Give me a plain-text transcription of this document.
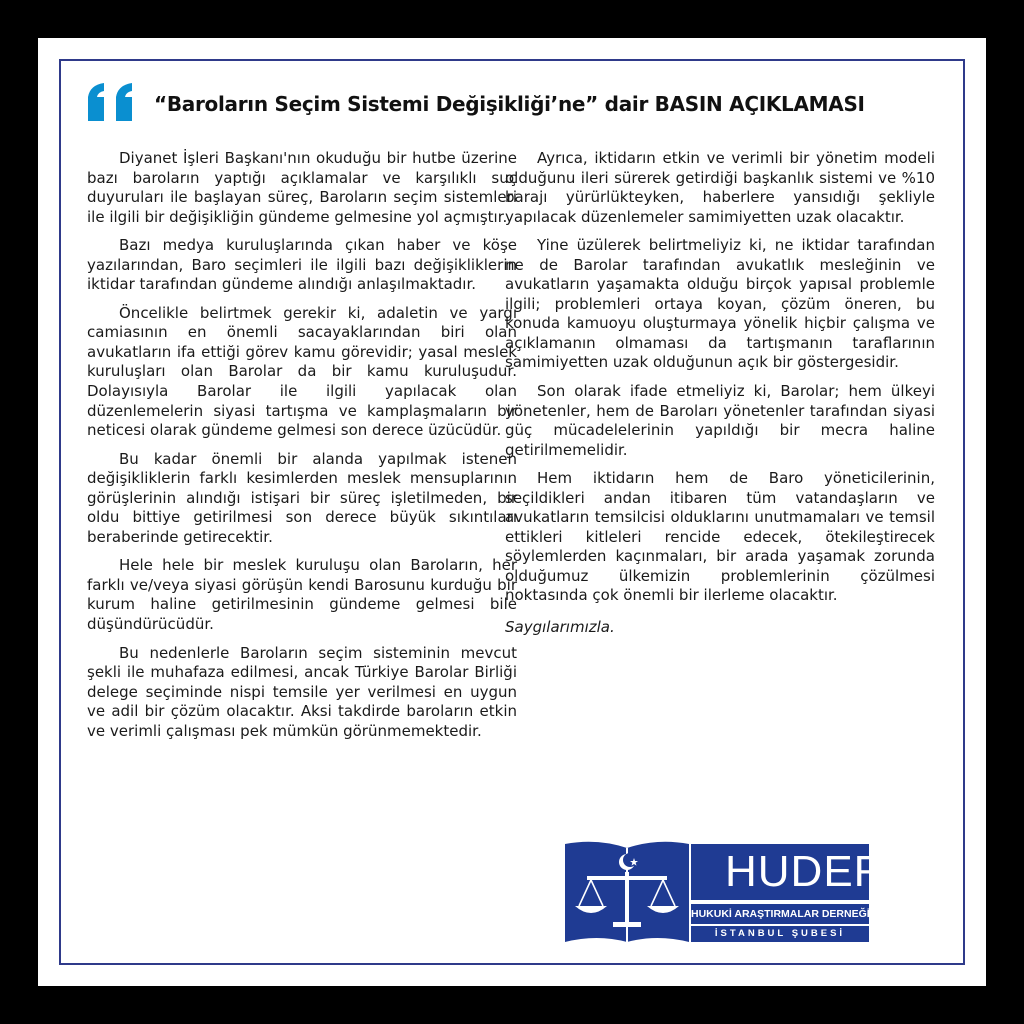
“Baroların Seçim Sistemi Değişikliği’ne” dair BASIN AÇIKLAMASI

Diyanet İşleri Başkanı'nın okuduğu bir hutbe üzerine bazı baroların yaptığı açıklamalar ve karşılıklı suç duyuruları ile başlayan süreç, Baroların seçim sistemleri ile ilgili bir değişikliğin gündeme gelmesine yol açmıştır.

Bazı medya kuruluşlarında çıkan haber ve köşe yazılarından, Baro seçimleri ile ilgili bazı değişikliklerin iktidar tarafından gündeme alındığı anlaşılmaktadır.

Öncelikle belirtmek gerekir ki, adaletin ve yargı camiasının en önemli sacayaklarından biri olan avukatların ifa ettiği görev kamu görevidir; yasal meslek kuruluşları olan Barolar da bir kamu kuruluşudur. Dolayısıyla Barolar ile ilgili yapılacak olan düzenlemelerin siyasi tartışma ve kamplaşmaların bir neticesi olarak gündeme gelmesi son derece üzücüdür.

Bu kadar önemli bir alanda yapılmak istenen değişikliklerin farklı kesimlerden meslek mensuplarının görüşlerinin alındığı istişari bir süreç işletilmeden, bir oldu bittiye getirilmesi son derece büyük sıkıntıları beraberinde getirecektir.

Hele hele bir meslek kuruluşu olan Baroların, her farklı ve/veya siyasi görüşün kendi Barosunu kurduğu bir kurum haline getirilmesinin gündeme gelmesi bile düşündürücüdür.

Bu nedenlerle Baroların seçim sisteminin mevcut şekli ile muhafaza edilmesi, ancak Türkiye Barolar Birliği delege seçiminde nispi temsile yer verilmesi en uygun ve adil bir çözüm olacaktır. Aksi takdirde baroların etkin ve verimli çalışması pek mümkün görünmemektedir.

Ayrıca, iktidarın etkin ve verimli bir yönetim modeli olduğunu ileri sürerek getirdiği başkanlık sistemi ve %10 barajı yürürlükteyken, haberlere yansıdığı şekliyle yapılacak düzenlemeler samimiyetten uzak olacaktır.

Yine üzülerek belirtmeliyiz ki, ne iktidar tarafından ne de Barolar tarafından avukatlık mesleğinin ve avukatların yaşamakta olduğu birçok yapısal problemle ilgili; problemleri ortaya koyan, çözüm öneren, bu konuda kamuoyu oluşturmaya yönelik hiçbir çalışma ve açıklamanın olmaması da tartışmanın taraflarının samimiyetten uzak olduğunun açık bir göstergesidir.

Son olarak ifade etmeliyiz ki, Barolar; hem ülkeyi yönetenler, hem de Baroları yönetenler tarafından siyasi güç mücadelelerinin yapıldığı bir mecra haline getirilmemelidir.

Hem iktidarın hem de Baro yöneticilerinin, seçildikleri andan itibaren tüm vatandaşların ve avukatların temsilcisi olduklarını unutmamaları ve temsil ettikleri kitleleri rencide edecek, ötekileştirecek söylemlerden kaçınmaları, bir arada yaşamak zorunda olduğumuz ülkemizin problemlerinin çözülmesi noktasında çok önemli bir ilerleme olacaktır.

Saygılarımızla.

HUDER
HUKUKİ ARAŞTIRMALAR DERNEĞİ
İSTANBUL ŞUBESİ
